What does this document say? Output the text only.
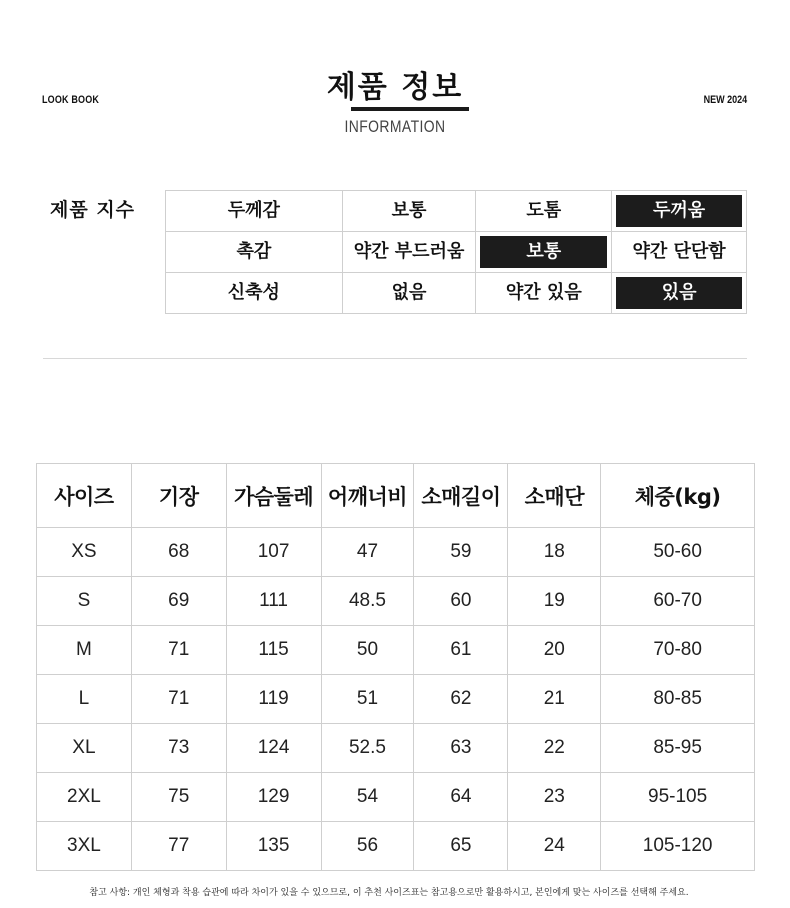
LOOK BOOK	NEW 2024
제품 정보
INFORMATION
제품 지수	두께감	보통	도톰	두꺼움

촉감	약간 부드러움	보통	약간 단단함

신축성	없음	약간 있음	있음
사이즈	기장	가슴둘레	어깨너비	소매길이	소매단	체중(kg)
XS	68	107	47	59	18	50-60
S	69	111	48.5	60	19	60-70
M	71	115	50	61	20	70-80
L	71	119	51	62	21	80-85
XL	73	124	52.5	63	22	85-95
2XL	75	129	54	64	23	95-105
3XL	77	135	56	65	24	105-120
참고 사항: 개인 체형과 착용 습관에 따라 차이가 있을 수 있으므로, 이 추천 사이즈표는 참고용으로만 활용하시고, 본인에게 맞는 사이즈를 선택해 주세요.
